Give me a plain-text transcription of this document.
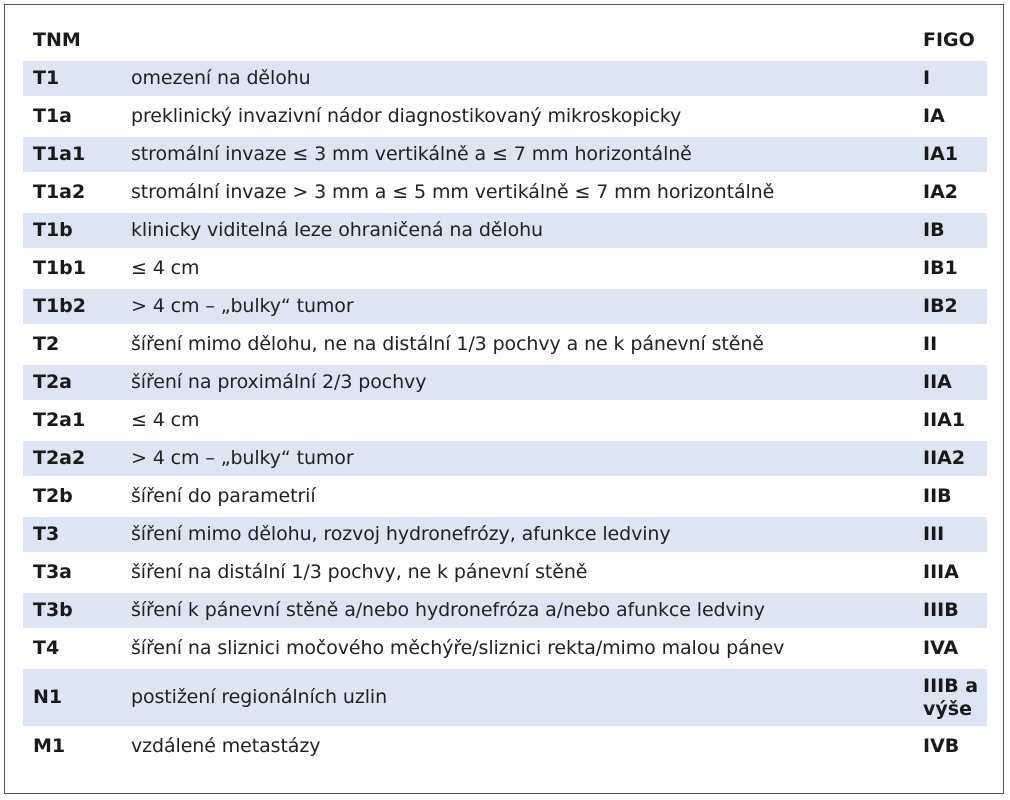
TNM		FIGO
T1	omezení na dělohu	I
T1a	preklinický invazivní nádor diagnostikovaný mikroskopicky	IA
T1a1	stromální invaze ≤ 3 mm vertikálně a ≤ 7 mm horizontálně	IA1
T1a2	stromální invaze > 3 mm a ≤ 5 mm vertikálně ≤ 7 mm horizontálně	IA2
T1b	klinicky viditelná leze ohraničená na dělohu	IB
T1b1	≤ 4 cm	IB1
T1b2	> 4 cm – „bulky“ tumor	IB2
T2	šíření mimo dělohu, ne na distální 1/3 pochvy a ne k pánevní stěně	II
T2a	šíření na proximální 2/3 pochvy	IIA
T2a1	≤ 4 cm	IIA1
T2a2	> 4 cm – „bulky“ tumor	IIA2
T2b	šíření do parametrií	IIB
T3	šíření mimo dělohu, rozvoj hydronefrózy, afunkce ledviny	III
T3a	šíření na distální 1/3 pochvy, ne k pánevní stěně	IIIA
T3b	šíření k pánevní stěně a/nebo hydronefróza a/nebo afunkce ledviny	IIIB
T4	šíření na sliznici močového měchýře/sliznici rekta/mimo malou pánev	IVA
N1	postižení regionálních uzlin	IIIB a výše
M1	vzdálené metastázy	IVB
